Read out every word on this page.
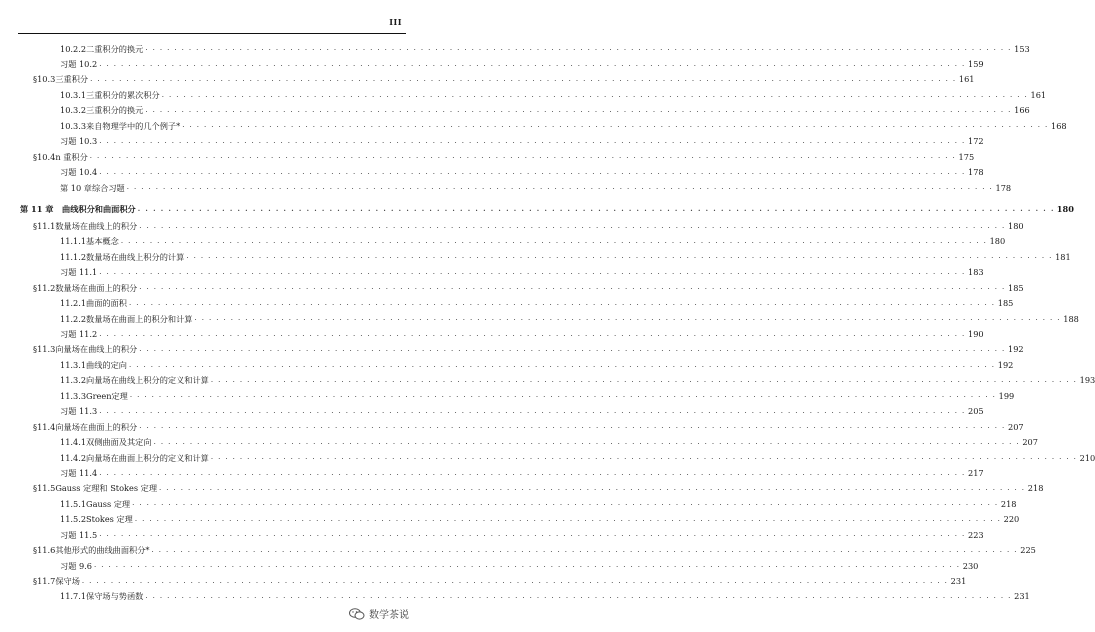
III
10.2.2 二重积分的换元 . . . . . . . . . . . . . . . . . . . . . . . . . . . . . . . . . . . . . . . . . . . . . . . . . . . . . . . . . . . . . . . . . . . . . . . . . . . . . . . . . . . . . . . . . . . . . . . . . . . . . . . . . . . . . . . . . . . . . . . . 153
习题 10.2 . . . . . . . . . . . . . . . . . . . . . . . . . . . . . . . . . . . . . . . . . . . . . . . . . . . . . . . . . . . . . . . . . . . . . . . . . . . . . . . . . . . . . . . . . . . . . . . . . . . . . . . . . . . . . . . . . . . . . . . . 159
§10.3 三重积分 . . . . . . . . . . . . . . . . . . . . . . . . . . . . . . . . . . . . . . . . . . . . . . . . . . . . . . . . . . . . . . . . . . . . . . . . . . . . . . . . . . . . . . . . . . . . . . . . . . . . . . . . . . . . . . . . . . . . . . . . 161
10.3.1 三重积分的累次积分 . . . . . . . . . . . . . . . . . . . . . . . . . . . . . . . . . . . . . . . . . . . . . . . . . . . . . . . . . . . . . . . . . . . . . . . . . . . . . . . . . . . . . . . . . . . . . . . . . . . . . . . . . . . . . . . . . . . . . . . . 161
10.3.2 三重积分的换元 . . . . . . . . . . . . . . . . . . . . . . . . . . . . . . . . . . . . . . . . . . . . . . . . . . . . . . . . . . . . . . . . . . . . . . . . . . . . . . . . . . . . . . . . . . . . . . . . . . . . . . . . . . . . . . . . . . . . . . . . 166
10.3.3 来自物理学中的几个例子* . . . . . . . . . . . . . . . . . . . . . . . . . . . . . . . . . . . . . . . . . . . . . . . . . . . . . . . . . . . . . . . . . . . . . . . . . . . . . . . . . . . . . . . . . . . . . . . . . . . . . . . . . . . . . . . . . . . . . . . . 168
习题 10.3 . . . . . . . . . . . . . . . . . . . . . . . . . . . . . . . . . . . . . . . . . . . . . . . . . . . . . . . . . . . . . . . . . . . . . . . . . . . . . . . . . . . . . . . . . . . . . . . . . . . . . . . . . . . . . . . . . . . . . . . . 172
§10.4 n 重积分 . . . . . . . . . . . . . . . . . . . . . . . . . . . . . . . . . . . . . . . . . . . . . . . . . . . . . . . . . . . . . . . . . . . . . . . . . . . . . . . . . . . . . . . . . . . . . . . . . . . . . . . . . . . . . . . . . . . . . . . . 175
习题 10.4 . . . . . . . . . . . . . . . . . . . . . . . . . . . . . . . . . . . . . . . . . . . . . . . . . . . . . . . . . . . . . . . . . . . . . . . . . . . . . . . . . . . . . . . . . . . . . . . . . . . . . . . . . . . . . . . . . . . . . . . . 178
第 10 章综合习题 . . . . . . . . . . . . . . . . . . . . . . . . . . . . . . . . . . . . . . . . . . . . . . . . . . . . . . . . . . . . . . . . . . . . . . . . . . . . . . . . . . . . . . . . . . . . . . . . . . . . . . . . . . . . . . . . . . . . . . . . 178
第 11 章
曲线积分和曲面积分 . . . . . . . . . . . . . . . . . . . . . . . . . . . . . . . . . . . . . . . . . . . . . . . . . . . . . . . . . . . . . . . . . . . . . . . . . . . . . . . . . . . . . . . . . . . . . . . . . . . . . . . . . . . . . . . . . . . . . . . . 180
§11.1 数量场在曲线上的积分 . . . . . . . . . . . . . . . . . . . . . . . . . . . . . . . . . . . . . . . . . . . . . . . . . . . . . . . . . . . . . . . . . . . . . . . . . . . . . . . . . . . . . . . . . . . . . . . . . . . . . . . . . . . . . . . . . . . . . . . . 180
11.1.1 基本概念 . . . . . . . . . . . . . . . . . . . . . . . . . . . . . . . . . . . . . . . . . . . . . . . . . . . . . . . . . . . . . . . . . . . . . . . . . . . . . . . . . . . . . . . . . . . . . . . . . . . . . . . . . . . . . . . . . . . . . . . . 180
11.1.2 数量场在曲线上积分的计算 . . . . . . . . . . . . . . . . . . . . . . . . . . . . . . . . . . . . . . . . . . . . . . . . . . . . . . . . . . . . . . . . . . . . . . . . . . . . . . . . . . . . . . . . . . . . . . . . . . . . . . . . . . . . . . . . . . . . . . . . 181
习题 11.1 . . . . . . . . . . . . . . . . . . . . . . . . . . . . . . . . . . . . . . . . . . . . . . . . . . . . . . . . . . . . . . . . . . . . . . . . . . . . . . . . . . . . . . . . . . . . . . . . . . . . . . . . . . . . . . . . . . . . . . . . 183
§11.2 数量场在曲面上的积分 . . . . . . . . . . . . . . . . . . . . . . . . . . . . . . . . . . . . . . . . . . . . . . . . . . . . . . . . . . . . . . . . . . . . . . . . . . . . . . . . . . . . . . . . . . . . . . . . . . . . . . . . . . . . . . . . . . . . . . . . 185
11.2.1 曲面的面积 . . . . . . . . . . . . . . . . . . . . . . . . . . . . . . . . . . . . . . . . . . . . . . . . . . . . . . . . . . . . . . . . . . . . . . . . . . . . . . . . . . . . . . . . . . . . . . . . . . . . . . . . . . . . . . . . . . . . . . . . 185
11.2.2 数量场在曲面上的积分和计算 . . . . . . . . . . . . . . . . . . . . . . . . . . . . . . . . . . . . . . . . . . . . . . . . . . . . . . . . . . . . . . . . . . . . . . . . . . . . . . . . . . . . . . . . . . . . . . . . . . . . . . . . . . . . . . . . . . . . . . . . 188
习题 11.2 . . . . . . . . . . . . . . . . . . . . . . . . . . . . . . . . . . . . . . . . . . . . . . . . . . . . . . . . . . . . . . . . . . . . . . . . . . . . . . . . . . . . . . . . . . . . . . . . . . . . . . . . . . . . . . . . . . . . . . . . 190
§11.3 向量场在曲线上的积分 . . . . . . . . . . . . . . . . . . . . . . . . . . . . . . . . . . . . . . . . . . . . . . . . . . . . . . . . . . . . . . . . . . . . . . . . . . . . . . . . . . . . . . . . . . . . . . . . . . . . . . . . . . . . . . . . . . . . . . . . 192
11.3.1 曲线的定向 . . . . . . . . . . . . . . . . . . . . . . . . . . . . . . . . . . . . . . . . . . . . . . . . . . . . . . . . . . . . . . . . . . . . . . . . . . . . . . . . . . . . . . . . . . . . . . . . . . . . . . . . . . . . . . . . . . . . . . . . 192
11.3.2 向量场在曲线上积分的定义和计算 . . . . . . . . . . . . . . . . . . . . . . . . . . . . . . . . . . . . . . . . . . . . . . . . . . . . . . . . . . . . . . . . . . . . . . . . . . . . . . . . . . . . . . . . . . . . . . . . . . . . . . . . . . . . . . . . . . . . . . . . 193
11.3.3 Green定理 . . . . . . . . . . . . . . . . . . . . . . . . . . . . . . . . . . . . . . . . . . . . . . . . . . . . . . . . . . . . . . . . . . . . . . . . . . . . . . . . . . . . . . . . . . . . . . . . . . . . . . . . . . . . . . . . . . . . . . . . 199
习题 11.3 . . . . . . . . . . . . . . . . . . . . . . . . . . . . . . . . . . . . . . . . . . . . . . . . . . . . . . . . . . . . . . . . . . . . . . . . . . . . . . . . . . . . . . . . . . . . . . . . . . . . . . . . . . . . . . . . . . . . . . . . 205
§11.4 向量场在曲面上的积分 . . . . . . . . . . . . . . . . . . . . . . . . . . . . . . . . . . . . . . . . . . . . . . . . . . . . . . . . . . . . . . . . . . . . . . . . . . . . . . . . . . . . . . . . . . . . . . . . . . . . . . . . . . . . . . . . . . . . . . . . 207
11.4.1 双侧曲面及其定向 . . . . . . . . . . . . . . . . . . . . . . . . . . . . . . . . . . . . . . . . . . . . . . . . . . . . . . . . . . . . . . . . . . . . . . . . . . . . . . . . . . . . . . . . . . . . . . . . . . . . . . . . . . . . . . . . . . . . . . . . 207
11.4.2 向量场在曲面上积分的定义和计算 . . . . . . . . . . . . . . . . . . . . . . . . . . . . . . . . . . . . . . . . . . . . . . . . . . . . . . . . . . . . . . . . . . . . . . . . . . . . . . . . . . . . . . . . . . . . . . . . . . . . . . . . . . . . . . . . . . . . . . . . 210
习题 11.4 . . . . . . . . . . . . . . . . . . . . . . . . . . . . . . . . . . . . . . . . . . . . . . . . . . . . . . . . . . . . . . . . . . . . . . . . . . . . . . . . . . . . . . . . . . . . . . . . . . . . . . . . . . . . . . . . . . . . . . . . 217
§11.5 Gauss 定理和 Stokes 定理 . . . . . . . . . . . . . . . . . . . . . . . . . . . . . . . . . . . . . . . . . . . . . . . . . . . . . . . . . . . . . . . . . . . . . . . . . . . . . . . . . . . . . . . . . . . . . . . . . . . . . . . . . . . . . . . . . . . . . . . . 218
11.5.1 Gauss 定理 . . . . . . . . . . . . . . . . . . . . . . . . . . . . . . . . . . . . . . . . . . . . . . . . . . . . . . . . . . . . . . . . . . . . . . . . . . . . . . . . . . . . . . . . . . . . . . . . . . . . . . . . . . . . . . . . . . . . . . . . 218
11.5.2 Stokes 定理 . . . . . . . . . . . . . . . . . . . . . . . . . . . . . . . . . . . . . . . . . . . . . . . . . . . . . . . . . . . . . . . . . . . . . . . . . . . . . . . . . . . . . . . . . . . . . . . . . . . . . . . . . . . . . . . . . . . . . . . . 220
习题 11.5 . . . . . . . . . . . . . . . . . . . . . . . . . . . . . . . . . . . . . . . . . . . . . . . . . . . . . . . . . . . . . . . . . . . . . . . . . . . . . . . . . . . . . . . . . . . . . . . . . . . . . . . . . . . . . . . . . . . . . . . . 223
§11.6 其他形式的曲线曲面积分* . . . . . . . . . . . . . . . . . . . . . . . . . . . . . . . . . . . . . . . . . . . . . . . . . . . . . . . . . . . . . . . . . . . . . . . . . . . . . . . . . . . . . . . . . . . . . . . . . . . . . . . . . . . . . . . . . . . . . . . . 225
习题 9.6 . . . . . . . . . . . . . . . . . . . . . . . . . . . . . . . . . . . . . . . . . . . . . . . . . . . . . . . . . . . . . . . . . . . . . . . . . . . . . . . . . . . . . . . . . . . . . . . . . . . . . . . . . . . . . . . . . . . . . . . . 230
§11.7 保守场 . . . . . . . . . . . . . . . . . . . . . . . . . . . . . . . . . . . . . . . . . . . . . . . . . . . . . . . . . . . . . . . . . . . . . . . . . . . . . . . . . . . . . . . . . . . . . . . . . . . . . . . . . . . . . . . . . . . . . . . . 231
11.7.1 保守场与势函数 . . . . . . . . . . . . . . . . . . . . . . . . . . . . . . . . . . . . . . . . . . . . . . . . . . . . . . . . . . . . . . . . . . . . . . . . . . . . . . . . . . . . . . . . . . . . . . . . . . . . . . . . . . . . . . . . . . . . . . . . 231
数学茶说
